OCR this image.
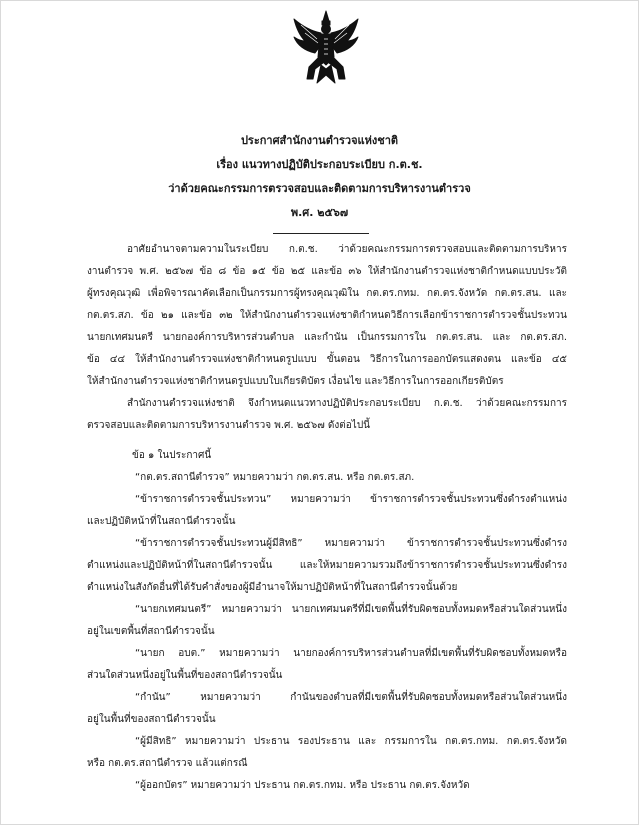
ประกาศสำนักงานตำรวจแห่งชาติ
เรื่อง แนวทางปฏิบัติประกอบระเบียบ ก.ต.ช.
ว่าด้วยคณะกรรมการตรวจสอบและติดตามการบริหารงานตำรวจ
พ.ศ. ๒๕๖๗
อาศัยอำนาจตามความในระเบียบ ก.ต.ช. ว่าด้วยคณะกรรมการตรวจสอบและติดตามการบริหาร
งานตำรวจ พ.ศ. ๒๕๖๗ ข้อ ๘ ข้อ ๑๕ ข้อ ๒๕ และข้อ ๓๖ ให้สำนักงานตำรวจแห่งชาติกำหนดแบบประวัติ
ผู้ทรงคุณวุฒิ เพื่อพิจารณาคัดเลือกเป็นกรรมการผู้ทรงคุณวุฒิใน กต.ตร.กทม. กต.ตร.จังหวัด กต.ตร.สน. และ
กต.ตร.สภ. ข้อ ๒๑ และข้อ ๓๒ ให้สำนักงานตำรวจแห่งชาติกำหนดวิธีการเลือกข้าราชการตำรวจชั้นประทวน
นายกเทศมนตรี นายกองค์การบริหารส่วนตำบล และกำนัน เป็นกรรมการใน กต.ตร.สน. และ กต.ตร.สภ.
ข้อ ๔๔ ให้สำนักงานตำรวจแห่งชาติกำหนดรูปแบบ ขั้นตอน วิธีการในการออกบัตรแสดงตน และข้อ ๔๕
ให้สำนักงานตำรวจแห่งชาติกำหนดรูปแบบใบเกียรติบัตร เงื่อนไข และวิธีการในการออกเกียรติบัตร
สำนักงานตำรวจแห่งชาติ จึงกำหนดแนวทางปฏิบัติประกอบระเบียบ ก.ต.ช. ว่าด้วยคณะกรรมการ
ตรวจสอบและติดตามการบริหารงานตำรวจ พ.ศ. ๒๕๖๗ ดังต่อไปนี้
ข้อ ๑ ในประกาศนี้
“กต.ตร.สถานีตำรวจ” หมายความว่า กต.ตร.สน. หรือ กต.ตร.สภ.
“ข้าราชการตำรวจชั้นประทวน” หมายความว่า ข้าราชการตำรวจชั้นประทวนซึ่งดำรงตำแหน่ง
และปฏิบัติหน้าที่ในสถานีตำรวจนั้น
“ข้าราชการตำรวจชั้นประทวนผู้มีสิทธิ” หมายความว่า ข้าราชการตำรวจชั้นประทวนซึ่งดำรง
ตำแหน่งและปฏิบัติหน้าที่ในสถานีตำรวจนั้น และให้หมายความรวมถึงข้าราชการตำรวจชั้นประทวนซึ่งดำรง
ตำแหน่งในสังกัดอื่นที่ได้รับคำสั่งของผู้มีอำนาจให้มาปฏิบัติหน้าที่ในสถานีตำรวจนั้นด้วย
“นายกเทศมนตรี” หมายความว่า นายกเทศมนตรีที่มีเขตพื้นที่รับผิดชอบทั้งหมดหรือส่วนใดส่วนหนึ่ง
อยู่ในเขตพื้นที่สถานีตำรวจนั้น
“นายก อบต.” หมายความว่า นายกองค์การบริหารส่วนตำบลที่มีเขตพื้นที่รับผิดชอบทั้งหมดหรือ
ส่วนใดส่วนหนึ่งอยู่ในพื้นที่ของสถานีตำรวจนั้น
“กำนัน” หมายความว่า กำนันของตำบลที่มีเขตพื้นที่รับผิดชอบทั้งหมดหรือส่วนใดส่วนหนึ่ง
อยู่ในพื้นที่ของสถานีตำรวจนั้น
“ผู้มีสิทธิ” หมายความว่า ประธาน รองประธาน และ กรรมการใน กต.ตร.กทม. กต.ตร.จังหวัด
หรือ กต.ตร.สถานีตำรวจ แล้วแต่กรณี
“ผู้ออกบัตร” หมายความว่า ประธาน กต.ตร.กทม. หรือ ประธาน กต.ตร.จังหวัด
